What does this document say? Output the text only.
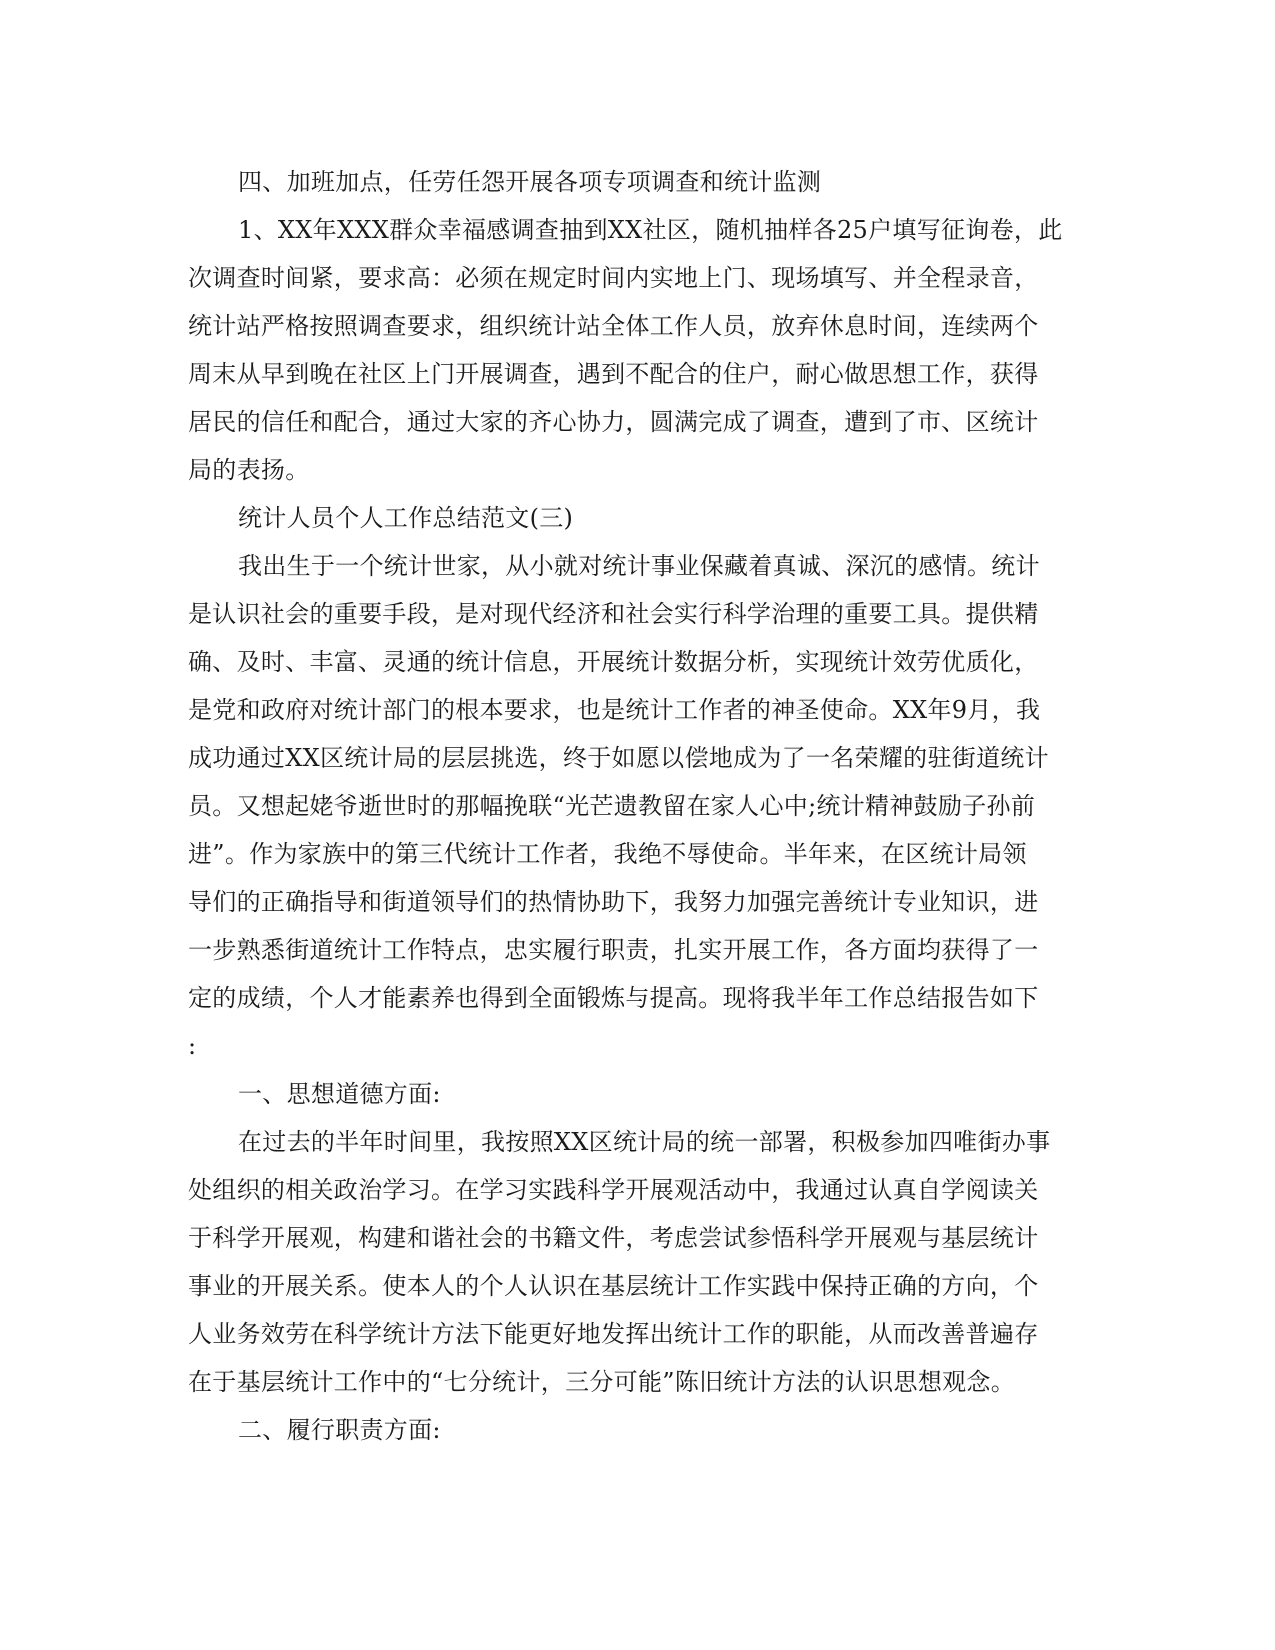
四、加班加点，任劳任怨开展各项专项调查和统计监测
1、XX年XXX群众幸福感调查抽到XX社区，随机抽样各25户填写征询卷，此
次调查时间紧，要求高：必须在规定时间内实地上门、现场填写、并全程录音，
统计站严格按照调查要求，组织统计站全体工作人员，放弃休息时间，连续两个
周末从早到晚在社区上门开展调查，遇到不配合的住户，耐心做思想工作，获得
居民的信任和配合，通过大家的齐心协力，圆满完成了调查，遭到了市、区统计
局的表扬。
统计人员个人工作总结范文(三)
我出生于一个统计世家，从小就对统计事业保藏着真诚、深沉的感情。统计
是认识社会的重要手段，是对现代经济和社会实行科学治理的重要工具。提供精
确、及时、丰富、灵通的统计信息，开展统计数据分析，实现统计效劳优质化，
是党和政府对统计部门的根本要求，也是统计工作者的神圣使命。XX年9月，我
成功通过XX区统计局的层层挑选，终于如愿以偿地成为了一名荣耀的驻街道统计
员。又想起姥爷逝世时的那幅挽联“光芒遗教留在家人心中;统计精神鼓励子孙前
进”。作为家族中的第三代统计工作者，我绝不辱使命。半年来，在区统计局领
导们的正确指导和街道领导们的热情协助下，我努力加强完善统计专业知识，进
一步熟悉街道统计工作特点，忠实履行职责，扎实开展工作，各方面均获得了一
定的成绩，个人才能素养也得到全面锻炼与提高。现将我半年工作总结报告如下
:
一、思想道德方面:
在过去的半年时间里，我按照XX区统计局的统一部署，积极参加四唯街办事
处组织的相关政治学习。在学习实践科学开展观活动中，我通过认真自学阅读关
于科学开展观，构建和谐社会的书籍文件，考虑尝试参悟科学开展观与基层统计
事业的开展关系。使本人的个人认识在基层统计工作实践中保持正确的方向，个
人业务效劳在科学统计方法下能更好地发挥出统计工作的职能，从而改善普遍存
在于基层统计工作中的“七分统计，三分可能”陈旧统计方法的认识思想观念。
二、履行职责方面:
